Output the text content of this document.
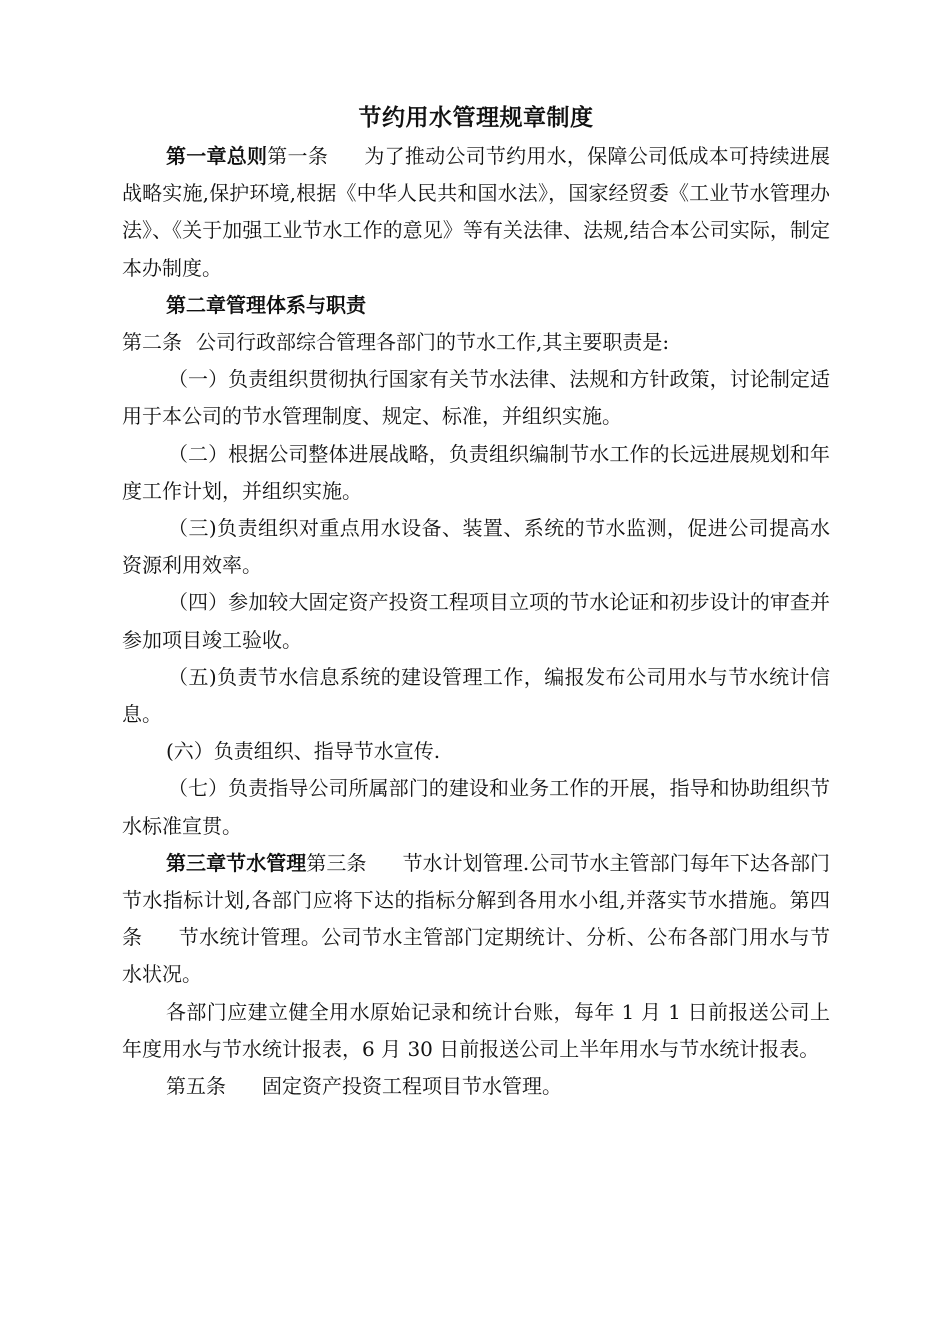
节约用水管理规章制度

第一章总则第一条 为了推动公司节约用水，保障公司低成本可持续进展战略实施,保护环境,根据《中华人民共和国水法》，国家经贸委《工业节水管理办法》、《关于加强工业节水工作的意见》等有关法律、法规,结合本公司实际，制定本办制度。

第二章管理体系与职责

第二条 公司行政部综合管理各部门的节水工作,其主要职责是:

（一）负责组织贯彻执行国家有关节水法律、法规和方针政策，讨论制定适用于本公司的节水管理制度、规定、标准，并组织实施。

（二）根据公司整体进展战略，负责组织编制节水工作的长远进展规划和年度工作计划，并组织实施。

（三)负责组织对重点用水设备、装置、系统的节水监测，促进公司提高水资源利用效率。

（四）参加较大固定资产投资工程项目立项的节水论证和初步设计的审查并参加项目竣工验收。

（五)负责节水信息系统的建设管理工作，编报发布公司用水与节水统计信息。

(六）负责组织、指导节水宣传.

（七）负责指导公司所属部门的建设和业务工作的开展，指导和协助组织节水标准宣贯。

第三章节水管理第三条 节水计划管理.公司节水主管部门每年下达各部门节水指标计划,各部门应将下达的指标分解到各用水小组,并落实节水措施。第四条 节水统计管理。公司节水主管部门定期统计、分析、公布各部门用水与节水状况。

各部门应建立健全用水原始记录和统计台账，每年 1 月 1 日前报送公司上年度用水与节水统计报表，6 月 30 日前报送公司上半年用水与节水统计报表。

第五条 固定资产投资工程项目节水管理。
